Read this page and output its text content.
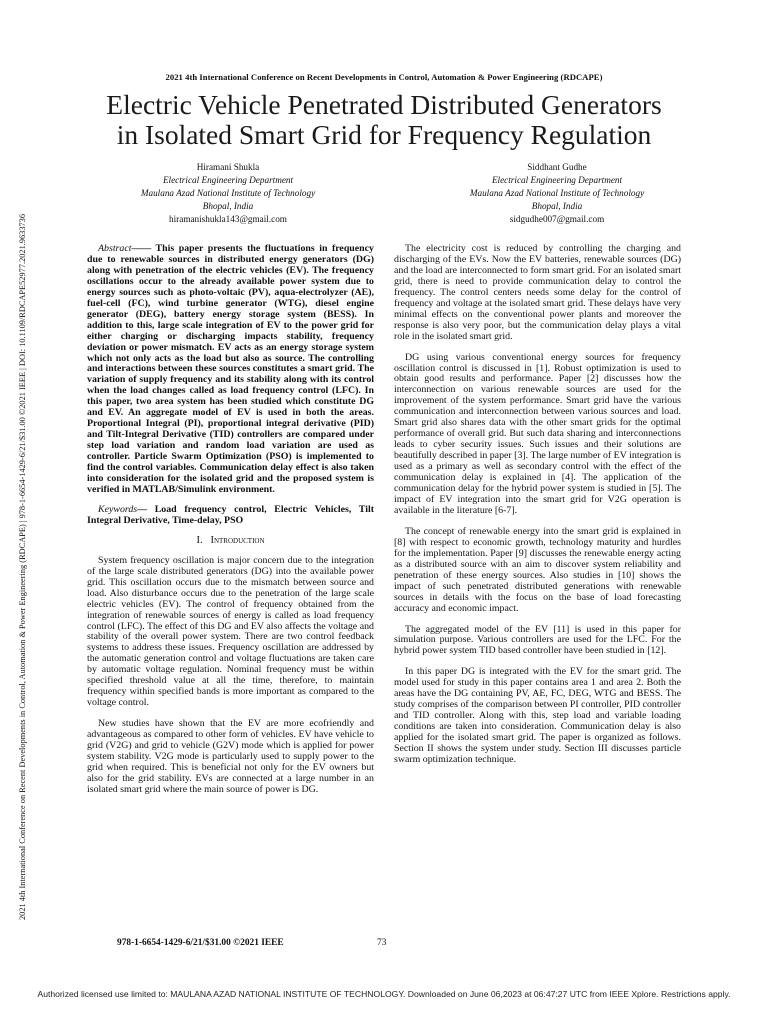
2021 4th International Conference on Recent Developments in Control, Automation & Power Engineering (RDCAPE)
Electric Vehicle Penetrated Distributed Generators
in Isolated Smart Grid for Frequency Regulation
Hiramani Shukla
Electrical Engineering Department
Maulana Azad National Institute of Technology
Bhopal, India
hiramanishukla143@gmail.com
Siddhant Gudhe
Electrical Engineering Department
Maulana Azad National Institute of Technology
Bhopal, India
sidgudhe007@gmail.com
2021 4th International Conference on Recent Developments in Control, Automation & Power Engineering (RDCAPE) | 978-1-6654-1429-6/21/$31.00 ©2021 IEEE | DOI: 10.1109/RDCAPE52977.2021.9633736	Abstract—— This paper presents the fluctuations in frequency due to renewable sources in distributed energy generators (DG) along with penetration of the electric vehicles (EV). The frequency oscillations occur to the already available power system due to energy sources such as photo-voltaic (PV), aqua-electrolyzer (AE), fuel-cell (FC), wind turbine generator (WTG), diesel engine generator (DEG), battery energy storage system (BESS). In addition to this, large scale integration of EV to the power grid for either charging or discharging impacts stability, frequency deviation or power mismatch. EV acts as an energy storage system which not only acts as the load but also as source. The controlling and interactions between these sources constitutes a smart grid. The variation of supply frequency and its stability along with its control when the load changes called as load frequency control (LFC). In this paper, two area system has been studied which constitute DG and EV. An aggregate model of EV is used in both the areas. Proportional Integral (PI), proportional integral derivative (PID) and Tilt-Integral Derivative (TID) controllers are compared under step load variation and random load variation are used as controller. Particle Swarm Optimization (PSO) is implemented to find the control variables. Communication delay effect is also taken into consideration for the isolated grid and the proposed system is verified in MATLAB/Simulink environment.

Keywords— Load frequency control, Electric Vehicles, Tilt Integral Derivative, Time-delay, PSO

I. Introduction

System frequency oscillation is major concern due to the integration of the large scale distributed generators (DG) into the available power grid. This oscillation occurs due to the mismatch between source and load. Also disturbance occurs due to the penetration of the large scale electric vehicles (EV). The control of frequency obtained from the integration of renewable sources of energy is called as load frequency control (LFC). The effect of this DG and EV also affects the voltage and stability of the overall power system. There are two control feedback systems to address these issues. Frequency oscillation are addressed by the automatic generation control and voltage fluctuations are taken care by automatic voltage regulation. Nominal frequency must be within specified threshold value at all the time, therefore, to maintain frequency within specified bands is more important as compared to the voltage control.

New studies have shown that the EV are more ecofriendly and advantageous as compared to other form of vehicles. EV have vehicle to grid (V2G) and grid to vehicle (G2V) mode which is applied for power system stability. V2G mode is particularly used to supply power to the grid when required. This is beneficial not only for the EV owners but also for the grid stability. EVs are connected at a large number in an isolated smart grid where the main source of power is DG.

The electricity cost is reduced by controlling the charging and discharging of the EVs. Now the EV batteries, renewable sources (DG) and the load are interconnected to form smart grid. For an isolated smart grid, there is need to provide communication delay to control the frequency. The control centers needs some delay for the control of frequency and voltage at the isolated smart grid. These delays have very minimal effects on the conventional power plants and moreover the response is also very poor, but the communication delay plays a vital role in the isolated smart grid.

DG using various conventional energy sources for frequency oscillation control is discussed in [1]. Robust optimization is used to obtain good results and performance. Paper [2] discusses how the interconnection on various renewable sources are used for the improvement of the system performance. Smart grid have the various communication and interconnection between various sources and load. Smart grid also shares data with the other smart grids for the optimal performance of overall grid. But such data sharing and interconnections leads to cyber security issues. Such issues and their solutions are beautifully described in paper [3]. The large number of EV integration is used as a primary as well as secondary control with the effect of the communication delay is explained in [4]. The application of the communication delay for the hybrid power system is studied in [5]. The impact of EV integration into the smart grid for V2G operation is available in the literature [6-7].

The concept of renewable energy into the smart grid is explained in [8] with respect to economic growth, technology maturity and hurdles for the implementation. Paper [9] discusses the renewable energy acting as a distributed source with an aim to discover system reliability and penetration of these energy sources. Also studies in [10] shows the impact of such penetrated distributed generations with renewable sources in details with the focus on the base of load forecasting accuracy and economic impact.

The aggregated model of the EV [11] is used in this paper for simulation purpose. Various controllers are used for the LFC. For the hybrid power system TID based controller have been studied in [12].

In this paper DG is integrated with the EV for the smart grid. The model used for study in this paper contains area 1 and area 2. Both the areas have the DG containing PV, AE, FC, DEG, WTG and BESS. The study comprises of the comparison between PI controller, PID controller and TID controller. Along with this, step load and variable loading conditions are taken into consideration. Communication delay is also applied for the isolated smart grid. The paper is organized as follows. Section II shows the system under study. Section III discusses particle swarm optimization technique.

978-1-6654-1429-6/21/$31.00 ©2021 IEEE	73
Authorized licensed use limited to: MAULANA AZAD NATIONAL INSTITUTE OF TECHNOLOGY. Downloaded on June 06,2023 at 06:47:27 UTC from IEEE Xplore. Restrictions apply.
